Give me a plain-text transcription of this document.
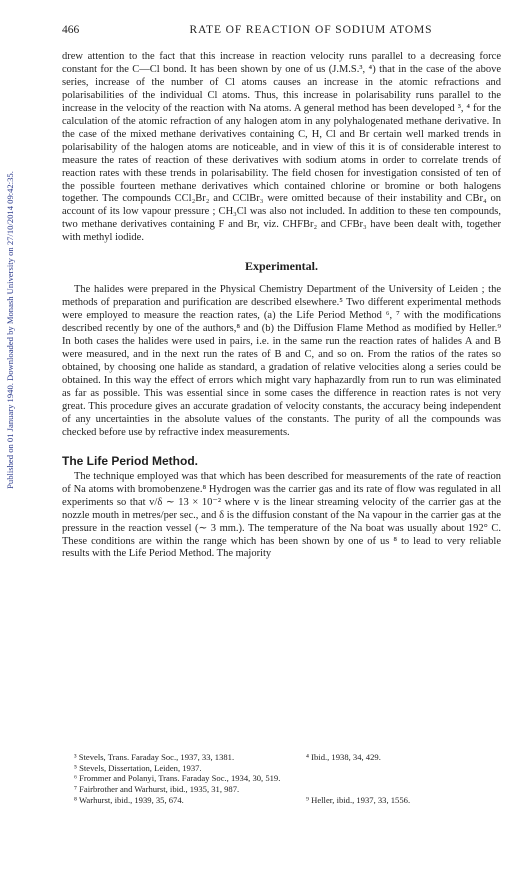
466	RATE OF REACTION OF SODIUM ATOMS
Published on 01 January 1940. Downloaded by Monash University on 27/10/2014 09:42:35.

drew attention to the fact that this increase in reaction velocity runs parallel to a decreasing force constant for the C—Cl bond. It has been shown by one of us (J.M.S.³, ⁴) that in the case of the above series, increase of the number of Cl atoms causes an increase in the atomic refractions and polarisabilities of the individual Cl atoms. Thus, this increase in polarisability runs parallel to the increase in the velocity of the reaction with Na atoms. A general method has been developed ³, ⁴ for the calculation of the atomic refraction of any halogen atom in any polyhalogenated methane derivative. In the case of the mixed methane derivatives containing C, H, Cl and Br certain well marked trends in polarisability of the halogen atoms are noticeable, and in view of this it is of considerable interest to measure the rates of reaction of these derivatives with sodium atoms in order to correlate trends of reaction rates with these trends in polarisability. The field chosen for investigation consisted of ten of the possible fourteen methane derivatives which contained chlorine or bromine or both halogens together. The compounds CCl₂Br₂ and CClBr₃ were omitted because of their instability and CBr₄ on account of its low vapour pressure ; CH₃Cl was also not included. In addition to these ten compounds, two methane derivatives containing F and Br, viz. CHFBr₂ and CFBr₃ have been dealt with, together with methyl iodide.

Experimental.

The halides were prepared in the Physical Chemistry Department of the University of Leiden ; the methods of preparation and purification are described elsewhere.⁵ Two different experimental methods were employed to measure the reaction rates, (a) the Life Period Method ⁶, ⁷ with the modifications described recently by one of the authors,⁸ and (b) the Diffusion Flame Method as modified by Heller.⁹ In both cases the halides were used in pairs, i.e. in the same run the reaction rates of halides A and B were measured, and in the next run the rates of B and C, and so on. From the ratios of the rates so obtained, by choosing one halide as standard, a gradation of relative velocities along a series could be obtained. In this way the effect of errors which might vary haphazardly from run to run was eliminated as far as possible. This was essential since in some cases the difference in reaction rates is not very great. This procedure gives an accurate gradation of velocity constants, the accuracy being independent of any uncertainties in the absolute values of the constants. The purity of all the compounds was checked before use by refractive index measurements.

The Life Period Method.

The technique employed was that which has been described for measurements of the rate of reaction of Na atoms with bromobenzene.⁸ Hydrogen was the carrier gas and its rate of flow was regulated in all experiments so that v/δ ∼ 13 × 10⁻² where v is the linear streaming velocity of the carrier gas at the nozzle mouth in metres/per sec., and δ is the diffusion constant of the Na vapour in the carrier gas at the pressure in the reaction vessel (∼ 3 mm.). The temperature of the Na boat was usually about 192° C. These conditions are within the range which has been shown by one of us ⁸ to lead to very reliable results with the Life Period Method. The majority

³ Stevels, Trans. Faraday Soc., 1937, 33, 1381.	⁴ Ibid., 1938, 34, 429.
⁵ Stevels, Dissertation, Leiden, 1937.
⁶ Frommer and Polanyi, Trans. Faraday Soc., 1934, 30, 519.
⁷ Fairbrother and Warhurst, ibid., 1935, 31, 987.
⁸ Warhurst, ibid., 1939, 35, 674.	⁹ Heller, ibid., 1937, 33, 1556.
